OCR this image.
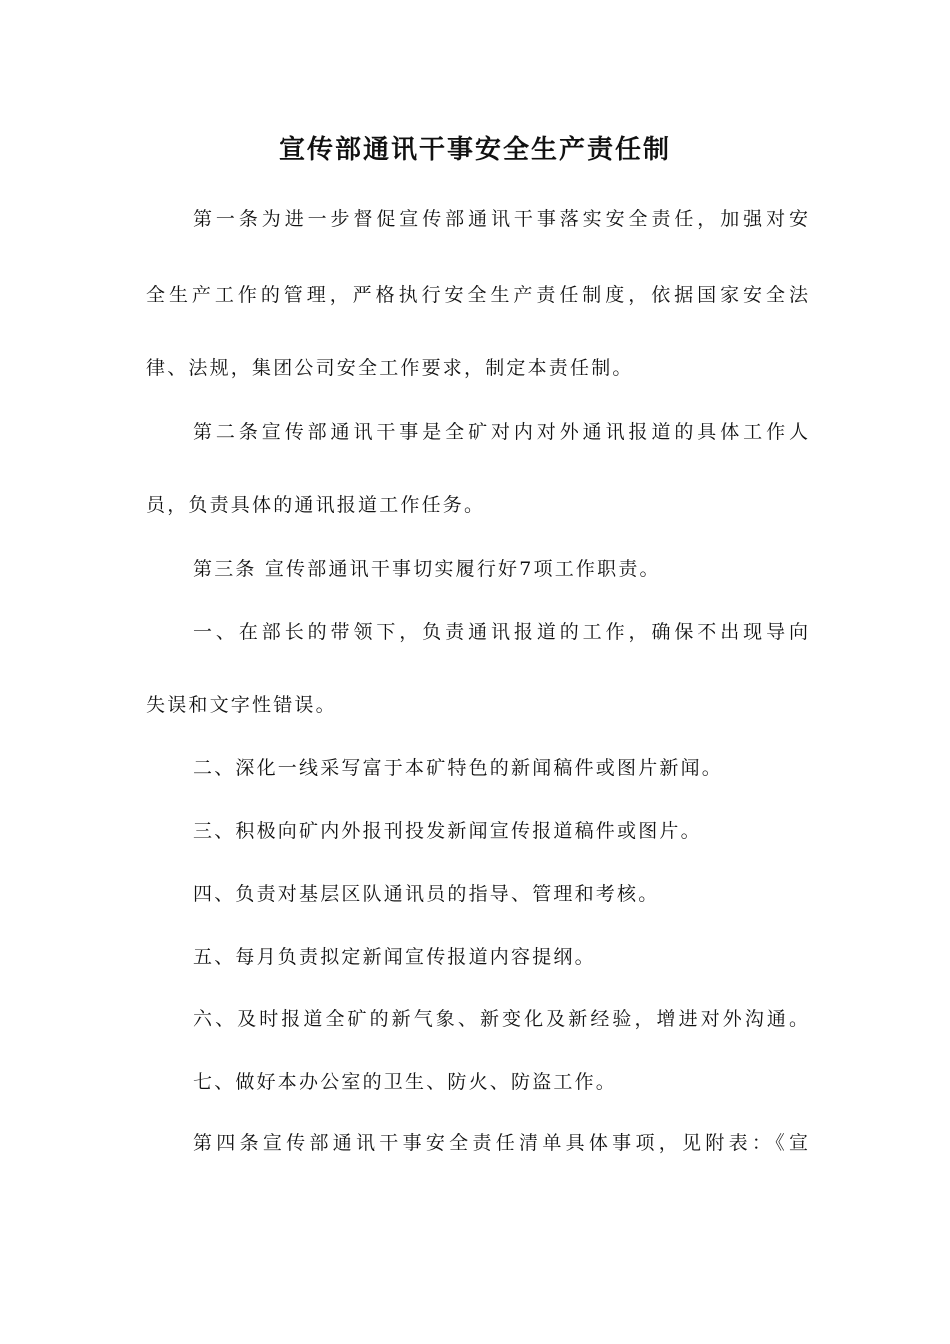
宣传部通讯干事安全生产责任制

第一条为进一步督促宣传部通讯干事落实安全责任，加强对安

全生产工作的管理，严格执行安全生产责任制度，依据国家安全法

律、法规，集团公司安全工作要求，制定本责任制。

第二条宣传部通讯干事是全矿对内对外通讯报道的具体工作人

员，负责具体的通讯报道工作任务。

第三条 宣传部通讯干事切实履行好7项工作职责。

一、在部长的带领下，负责通讯报道的工作，确保不出现导向

失误和文字性错误。

二、深化一线采写富于本矿特色的新闻稿件或图片新闻。

三、积极向矿内外报刊投发新闻宣传报道稿件或图片。

四、负责对基层区队通讯员的指导、管理和考核。

五、每月负责拟定新闻宣传报道内容提纲。

六、及时报道全矿的新气象、新变化及新经验，增进对外沟通。

七、做好本办公室的卫生、防火、防盗工作。

第四条宣传部通讯干事安全责任清单具体事项，见附表：《宣
